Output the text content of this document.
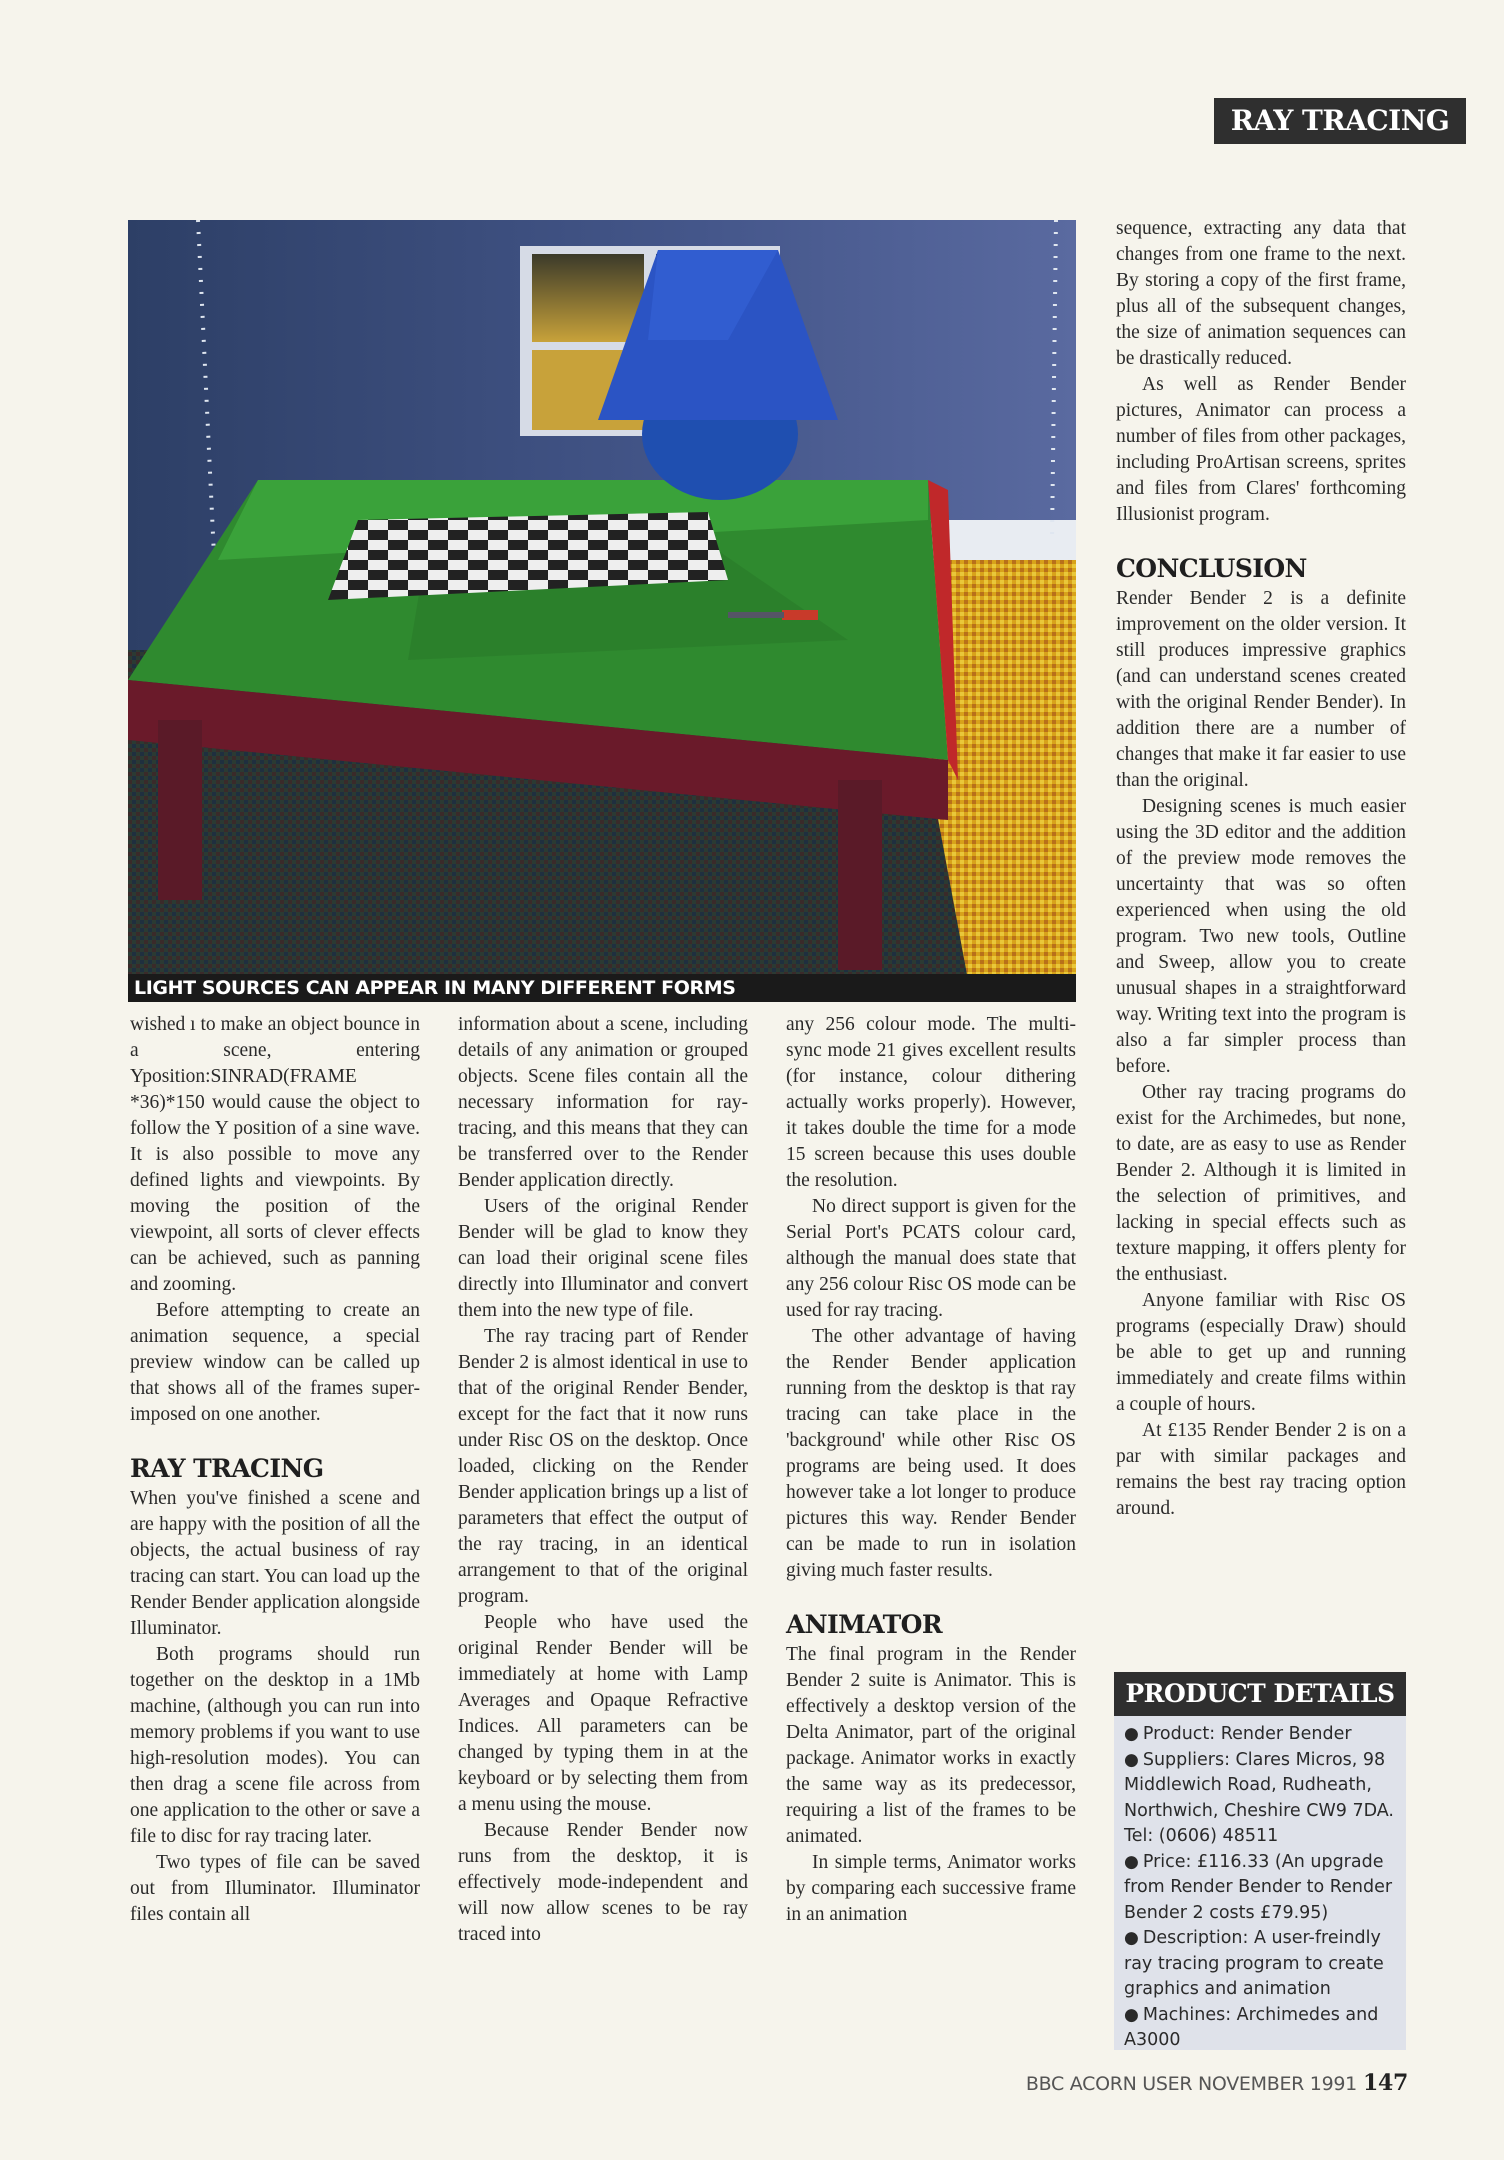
RAY TRACING
LIGHT SOURCES CAN APPEAR IN MANY DIFFERENT FORMS

wished ı to make an object bounce in a scene, entering Yposition:SINRAD(FRAME *36)*150 would cause the object to follow the Y position of a sine wave. It is also possible to move any defined lights and viewpoints. By moving the position of the viewpoint, all sorts of clever effects can be achieved, such as panning and zooming.

Before attempting to create an animation sequence, a special preview window can be called up that shows all of the frames super-imposed on one another.

RAY TRACING

When you've finished a scene and are happy with the position of all the objects, the actual business of ray tracing can start. You can load up the Render Bender application alongside Illuminator.

Both programs should run together on the desktop in a 1Mb machine, (although you can run into memory problems if you want to use high-resolution modes). You can then drag a scene file across from one application to the other or save a file to disc for ray tracing later.

Two types of file can be saved out from Illuminator. Illuminator files contain all

information about a scene, including details of any animation or grouped objects. Scene files contain all the necessary information for ray-tracing, and this means that they can be transferred over to the Render Bender application directly.

Users of the original Render Bender will be glad to know they can load their original scene files directly into Illuminator and convert them into the new type of file.

The ray tracing part of Render Bender 2 is almost identical in use to that of the original Render Bender, except for the fact that it now runs under Risc OS on the desktop. Once loaded, clicking on the Render Bender application brings up a list of parameters that effect the output of the ray tracing, in an identical arrangement to that of the original program.

People who have used the original Render Bender will be immediately at home with Lamp Averages and Opaque Refractive Indices. All parameters can be changed by typing them in at the keyboard or by selecting them from a menu using the mouse.

Because Render Bender now runs from the desktop, it is effectively mode-independent and will now allow scenes to be ray traced into

any 256 colour mode. The multi-sync mode 21 gives excellent results (for instance, colour dithering actually works properly). However, it takes double the time for a mode 15 screen because this uses double the resolution.

No direct support is given for the Serial Port's PCATS colour card, although the manual does state that any 256 colour Risc OS mode can be used for ray tracing.

The other advantage of having the Render Bender application running from the desktop is that ray tracing can take place in the 'background' while other Risc OS programs are being used. It does however take a lot longer to produce pictures this way. Render Bender can be made to run in isolation giving much faster results.

ANIMATOR

The final program in the Render Bender 2 suite is Animator. This is effectively a desktop version of the Delta Animator, part of the original package. Animator works in exactly the same way as its predecessor, requiring a list of the frames to be animated.

In simple terms, Animator works by comparing each successive frame in an animation

sequence, extracting any data that changes from one frame to the next. By storing a copy of the first frame, plus all of the subsequent changes, the size of animation sequences can be drastically reduced.

As well as Render Bender pictures, Animator can process a number of files from other packages, including ProArtisan screens, sprites and files from Clares' forthcoming Illusionist program.

CONCLUSION

Render Bender 2 is a definite improvement on the older version. It still produces impressive graphics (and can understand scenes created with the original Render Bender). In addition there are a number of changes that make it far easier to use than the original.

Designing scenes is much easier using the 3D editor and the addition of the preview mode removes the uncertainty that was so often experienced when using the old program. Two new tools, Outline and Sweep, allow you to create unusual shapes in a straightforward way. Writing text into the program is also a far simpler process than before.

Other ray tracing programs do exist for the Archimedes, but none, to date, are as easy to use as Render Bender 2. Although it is limited in the selection of primitives, and lacking in special effects such as texture mapping, it offers plenty for the enthusiast.

Anyone familiar with Risc OS programs (especially Draw) should be able to get up and running immediately and create films within a couple of hours.

At £135 Render Bender 2 is on a par with similar packages and remains the best ray tracing option around.

PRODUCT DETAILS
● Product: Render Bender
● Suppliers: Clares Micros, 98 Middlewich Road, Rudheath, Northwich, Cheshire CW9 7DA. Tel: (0606) 48511
● Price: £116.33 (An upgrade from Render Bender to Render Bender 2 costs £79.95)
● Description: A user-freindly ray tracing program to create graphics and animation
● Machines: Archimedes and A3000
BBC ACORN USER NOVEMBER 1991 147
